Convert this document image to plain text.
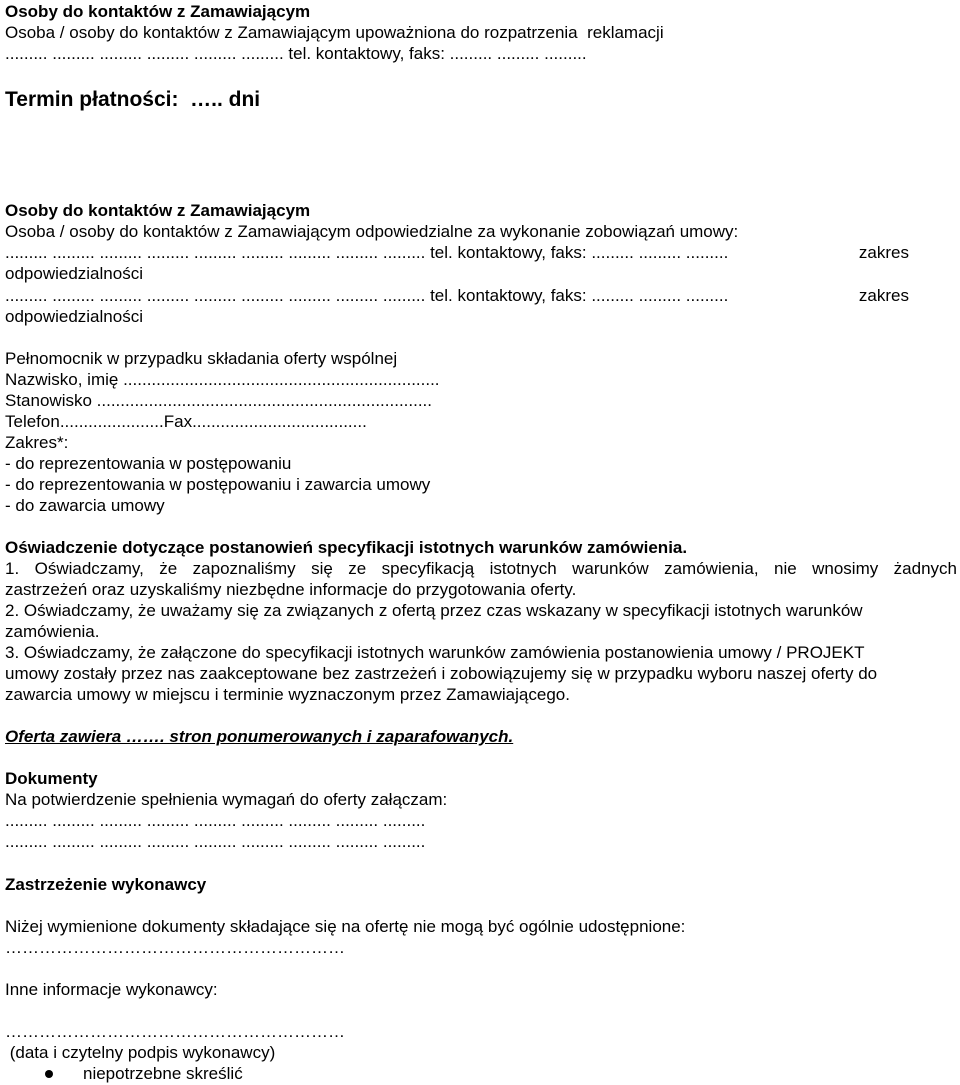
Osoby do kontaktów z Zamawiającym
Osoba / osoby do kontaktów z Zamawiającym upoważniona do rozpatrzenia  reklamacji
......... ......... ......... ......... ......... ......... tel. kontaktowy, faks: ......... ......... .........
Termin płatności:  ….. dni
Osoby do kontaktów z Zamawiającym
Osoba / osoby do kontaktów z Zamawiającym odpowiedzialne za wykonanie zobowiązań umowy:
......... ......... ......... ......... ......... ......... ......... ......... ......... tel. kontaktowy, faks: ......... ......... .........	zakres
odpowiedzialności
......... ......... ......... ......... ......... ......... ......... ......... ......... tel. kontaktowy, faks: ......... ......... .........	zakres
odpowiedzialności
Pełnomocnik w przypadku składania oferty wspólnej
Nazwisko, imię ...................................................................
Stanowisko .......................................................................
Telefon......................Fax.....................................
Zakres*:
- do reprezentowania w postępowaniu
- do reprezentowania w postępowaniu i zawarcia umowy
- do zawarcia umowy
Oświadczenie dotyczące postanowień specyfikacji istotnych warunków zamówienia.
1. Oświadczamy, że zapoznaliśmy się ze specyfikacją istotnych warunków zamówienia, nie wnosimy żadnych
zastrzeżeń oraz uzyskaliśmy niezbędne informacje do przygotowania oferty.
2. Oświadczamy, że uważamy się za związanych z ofertą przez czas wskazany w specyfikacji istotnych warunków
zamówienia.
3. Oświadczamy, że załączone do specyfikacji istotnych warunków zamówienia postanowienia umowy / PROJEKT
umowy zostały przez nas zaakceptowane bez zastrzeżeń i zobowiązujemy się w przypadku wyboru naszej oferty do
zawarcia umowy w miejscu i terminie wyznaczonym przez Zamawiającego.
Oferta zawiera ……. stron ponumerowanych i zaparafowanych.
Dokumenty
Na potwierdzenie spełnienia wymagań do oferty załączam:
......... ......... ......... ......... ......... ......... ......... ......... .........
......... ......... ......... ......... ......... ......... ......... ......... .........
Zastrzeżenie wykonawcy
Niżej wymienione dokumenty składające się na ofertę nie mogą być ogólnie udostępnione:
……………………………………………………
Inne informacje wykonawcy:
……………………………………………………
(data i czytelny podpis wykonawcy)
niepotrzebne skreślić
